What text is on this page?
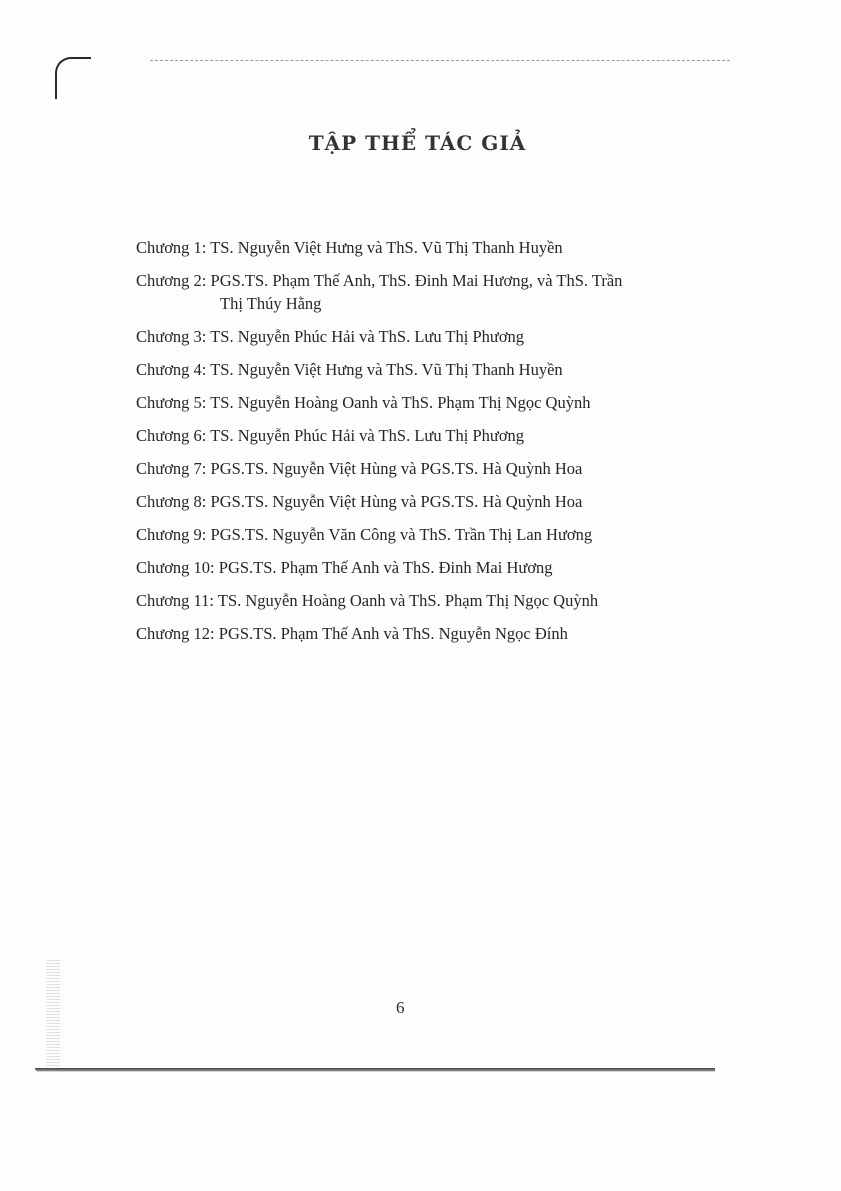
TẬP THỂ TÁC GIẢ
Chương 1: TS. Nguyễn Việt Hưng và ThS. Vũ Thị Thanh Huyền
Chương 2: PGS.TS. Phạm Thế Anh, ThS. Đinh Mai Hương, và ThS. Trần
Thị Thúy Hằng
Chương 3: TS. Nguyễn Phúc Hải và ThS. Lưu Thị Phương
Chương 4: TS. Nguyễn Việt Hưng và ThS. Vũ Thị Thanh Huyền
Chương 5: TS. Nguyễn Hoàng Oanh và ThS. Phạm Thị Ngọc Quỳnh
Chương 6: TS. Nguyễn Phúc Hải và ThS. Lưu Thị Phương
Chương 7: PGS.TS. Nguyễn Việt Hùng và PGS.TS. Hà Quỳnh Hoa
Chương 8: PGS.TS. Nguyễn Việt Hùng và PGS.TS. Hà Quỳnh Hoa
Chương 9: PGS.TS. Nguyễn Văn Công và ThS. Trần Thị Lan Hương
Chương 10: PGS.TS. Phạm Thế Anh và ThS. Đinh Mai Hương
Chương 11: TS. Nguyễn Hoàng Oanh và ThS. Phạm Thị Ngọc Quỳnh
Chương 12: PGS.TS. Phạm Thế Anh và ThS. Nguyễn Ngọc Đính
6
